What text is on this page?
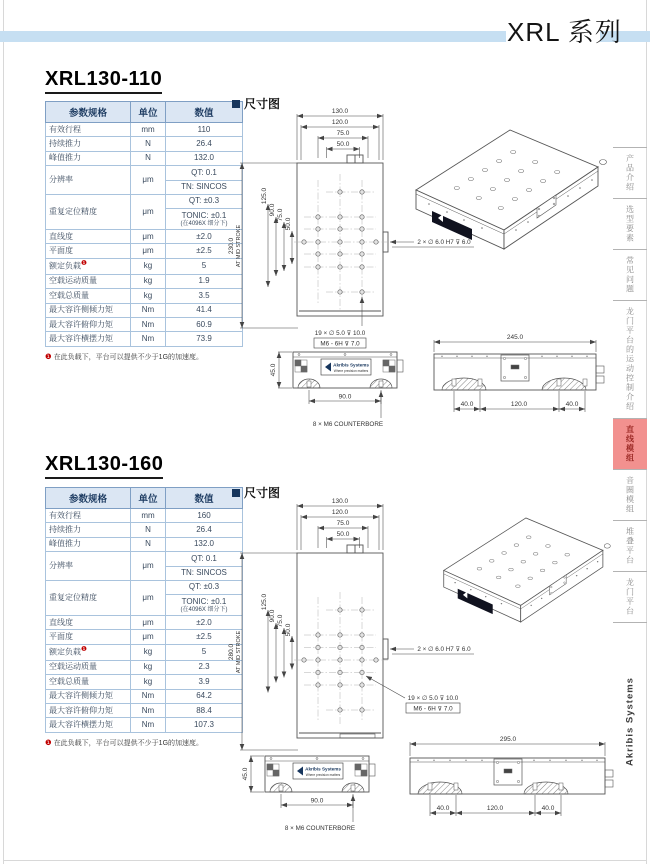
XRL 系列
XRL130-110
参数规格	单位	数值
有效行程	mm	110
持续推力	N	26.4
峰值推力	N	132.0
分辨率	μm	QT: 0.1
		TN: SINCOS
重复定位精度	μm	QT: ±0.3
		TONIC: ±0.1
(在4096X 细分下)

直线度	μm	±2.0
平面度	μm	±2.5
额定负载$^❶$	kg	5
空载运动质量	kg	1.9
空载总质量	kg	3.5
最大容许侧倾力矩	Nm	41.4
最大容许俯仰力矩	Nm	60.9
最大容许横摆力矩	Nm	73.9
❶ 在此负载下，平台可以提供不少于1G的加速度。
尺寸图
130.0
120.0
75.0
50.0
230.0 AT MID STROKE
125.0
90.0 75.0
50.0
2 × ∅ 6.0 H7 ⊽ 6.0
19 × ∅ 5.0 ⊽ 10.0
M6 - 6H ⊽ 7.0
Akribis Systems
Where precision matters
45.0
90.0
8 × M6 COUNTERBORE
245.0
40.0	120.0	40.0
XRL130-160
参数规格	单位	数值
有效行程	mm	160
持续推力	N	26.4
峰值推力	N	132.0
分辨率	μm	QT: 0.1
		TN: SINCOS
重复定位精度	μm	QT: ±0.3
		TONIC: ±0.1
(在4096X 细分下)

直线度	μm	±2.0
平面度	μm	±2.5
额定负载$^❶$	kg	5
空载运动质量	kg	2.3
空载总质量	kg	3.9
最大容许侧倾力矩	Nm	64.2
最大容许俯仰力矩	Nm	88.4
最大容许横摆力矩	Nm	107.3
❶ 在此负载下，平台可以提供不少于1G的加速度。
尺寸图
130.0
120.0
75.0
50.0
280.0 AT MID STROKE
125.0
90.0 75.0
50.0
2 × ∅ 6.0 H7 ⊽ 6.0
19 × ∅ 5.0 ⊽ 10.0
M6 - 6H ⊽ 7.0
Akribis Systems
Where precision matters
45.0
90.0
8 × M6 COUNTERBORE
295.0
40.0	120.0	40.0
产品介绍
选型要素
常见问题
龙门平台的运动控制介绍
直线模组
音圈模组
堆叠平台
龙门平台
Akribis Systems
